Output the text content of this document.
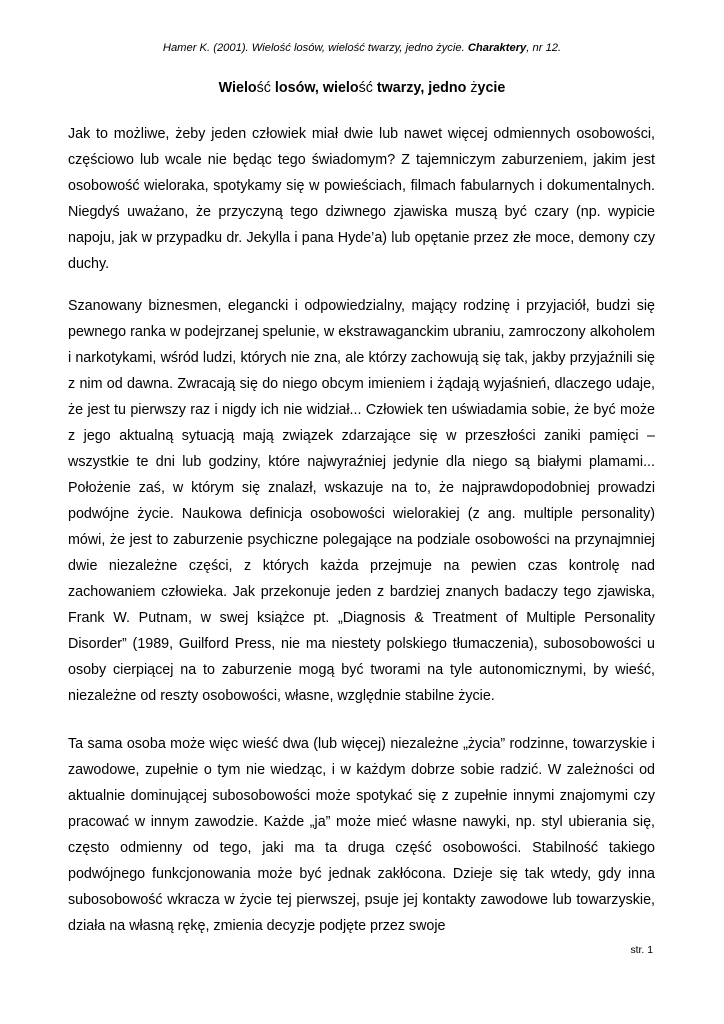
Hamer K. (2001). Wielość losów, wielość twarzy, jedno życie. Charaktery, nr 12.
Wielość losów, wielość twarzy, jedno życie

Jak to możliwe, żeby jeden człowiek miał dwie lub nawet więcej odmiennych osobowości, częściowo lub wcale nie będąc tego świadomym? Z tajemniczym zaburzeniem, jakim jest osobowość wieloraka, spotykamy się w powieściach, filmach fabularnych i dokumentalnych. Niegdyś uważano, że przyczyną tego dziwnego zjawiska muszą być czary (np. wypicie napoju, jak w przypadku dr. Jekylla i pana Hyde’a) lub opętanie przez złe moce, demony czy duchy.

Szanowany biznesmen, elegancki i odpowiedzialny, mający rodzinę i przyjaciół, budzi się pewnego ranka w podejrzanej spelunie, w ekstrawaganckim ubraniu, zamroczony alkoholem i narkotykami, wśród ludzi, których nie zna, ale którzy zachowują się tak, jakby przyjaźnili się z nim od dawna. Zwracają się do niego obcym imieniem i żądają wyjaśnień, dlaczego udaje, że jest tu pierwszy raz i nigdy ich nie widział... Człowiek ten uświadamia sobie, że być może z jego aktualną sytuacją mają związek zdarzające się w przeszłości zaniki pamięci – wszystkie te dni lub godziny, które najwyraźniej jedynie dla niego są białymi plamami... Położenie zaś, w którym się znalazł, wskazuje na to, że najprawdopodobniej prowadzi podwójne życie. Naukowa definicja osobowości wielorakiej (z ang. multiple personality) mówi, że jest to zaburzenie psychiczne polegające na podziale osobowości na przynajmniej dwie niezależne części, z których każda przejmuje na pewien czas kontrolę nad zachowaniem człowieka. Jak przekonuje jeden z bardziej znanych badaczy tego zjawiska, Frank W. Putnam, w swej książce pt. „Diagnosis & Treatment of Multiple Personality Disorder” (1989, Guilford Press, nie ma niestety polskiego tłumaczenia), subosobowości u osoby cierpiącej na to zaburzenie mogą być tworami na tyle autonomicznymi, by wieść, niezależne od reszty osobowości, własne, względnie stabilne życie.

Ta sama osoba może więc wieść dwa (lub więcej) niezależne „życia” rodzinne, towarzyskie i zawodowe, zupełnie o tym nie wiedząc, i w każdym dobrze sobie radzić. W zależności od aktualnie dominującej subosobowości może spotykać się z zupełnie innymi znajomymi czy pracować w innym zawodzie. Każde „ja” może mieć własne nawyki, np. styl ubierania się, często odmienny od tego, jaki ma ta druga część osobowości. Stabilność takiego podwójnego funkcjonowania może być jednak zakłócona. Dzieje się tak wtedy, gdy inna subosobowość wkracza w życie tej pierwszej, psuje jej kontakty zawodowe lub towarzyskie, działa na własną rękę, zmienia decyzje podjęte przez swoje

str. 1
